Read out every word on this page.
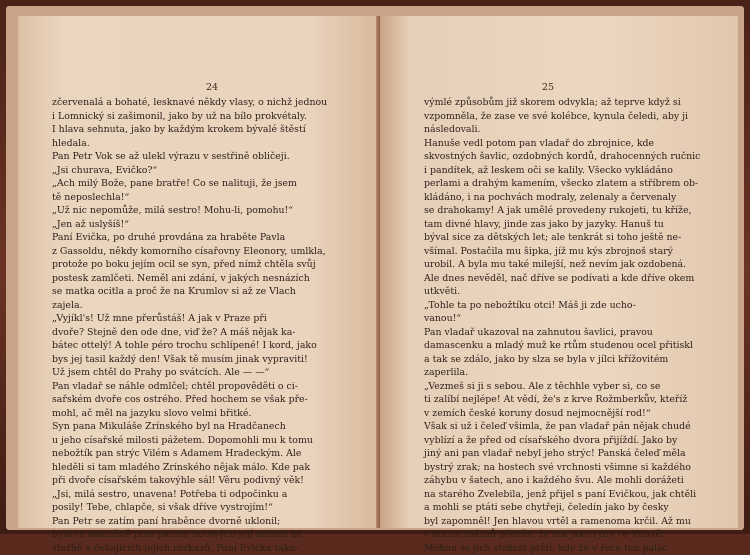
24
zčervenalá a bohaté, lesknavé někdy vlasy, o nichž jednou
i Lomnický si zašimonil, jako by už na bílo prokvétaly.
I hlava sehnuta, jako by každým krokem bývalé štěstí
hledala.
Pan Petr Vok se až ulekl výrazu v sestřině obličeji.
„Jsi churava, Evičko?“
„Ach milý Bože, pane bratře! Co se nalituji, že jsem
tě neposlechla!“
„Už nic nepomůže, milá sestro! Mohu-li, pomohu!“
„Jen až uslyšíš!“
Paní Evička, po druhé provdána za hraběte Pavla
z Gassoldu, někdy komorního císařovny Eleonory, umlkla,
protože po boku jejím ocil se syn, před nímž chtěla svůj
postesk zamlčeti. Neměl ani zdání, v jakých nesnázích
se matka ocitla a proč že na Krumlov si až ze Vlach
zajela.
„Vyjíkl's! Už mne přerůstáš! A jak v Praze při
dvoře? Stejně den ode dne, viď že? A máš nějak ka-
bátec ottelý! A tohle péro trochu schlípené! I kord, jako
bys jej tasil každý den! Však tě musím jinak vypraviti!
Už jsem chtěl do Prahy po svátcích. Ale — —“
Pan vladař se náhle odmlčel; chtěl propověděti o ci-
sařském dvoře cos ostrého. Před hochem se však pře-
mohl, ač měl na jazyku slovo velmi břitké.
Syn pana Mikuláše Zrínského byl na Hradčanech
u jeho císařské milosti pážetem. Dopomohli mu k tomu
nebožtík pan strýc Vilém s Adamem Hradeckým. Ale
hleděli si tam mladého Zrínského nějak málo. Kde pak
při dvoře císařském takovýhle sál! Věru podivný věk!
„Jsi, milá sestro, unavena! Potřeba ti odpočinku a
posily! Tebe, chlapče, si však dříve vystrojím!“
Pan Petr se zatím paní hraběnce dvorně uklonil;
bylo tu okamžitě plno panen, hotových její milosti ke
službě a čekajících jejích rozkazů. Paní Evička tako-
25
výmlé způsobům již skorem odvykla; až teprve když si
vzpomněla, že zase ve své kolébce, kynula čeledi, aby ji
následovali.
Hanuše vedl potom pan vladař do zbrojnice, kde
skvostných šavlic, ozdobných kordů, drahocenných ručnic
i pandítek, až leskem oči se kalily. Všecko vykládáno
perlami a drahým kamením, všecko zlatem a stříbrem ob-
kládáno, i na pochvách modraly, zelenaly a červenaly
se drahokamy! A jak umělé provedeny rukojeti, tu kříže,
tam divné hlavy, jinde zas jako by jazyky. Hanuš tu
býval sice za dětských let; ale tenkrát si toho ještě ne-
všímal. Postačila mu šipka, jíž mu kýs zbrojnoš starý
urobil. A byla mu také milejší, než nevím jak ozdobená.
Ale dnes nevěděl, nač dříve se podívati a kde dříve okem
utkvěti.
„Tohle ta po nebožtíku otci! Máš ji zde ucho-
vanou!“
Pan vladař ukazoval na zahnutou šavlici, pravou
damascenku a mladý muž ke rtům studenou ocel přitiskl
a tak se zdálo, jako by slza se byla v jílci křížovitém
zaperlila.
„Vezmeš si ji s sebou. Ale z těchhle vyber si, co se
ti zalíbí nejlépe! At vědí, že's z krve Rožmberkův, kteříž
v zemích české koruny dosud nejmocnější rod!“
Však si už i čeleď všimla, že pan vladař pán nějak chudé
vyblízí a že před od císařského dvora přijíždí. Jako by
jiný ani pan vladař nebyl jeho strýc! Panská čeleď měla
bystrý zrak; na hostech své vrchnosti všimne si každého
záhybu v šatech, ano i každého švu. Ale mohli dorážeti
na starého Zvelebila, jenž přijel s paní Evičkou, jak chtěli
a mohli se ptáti sebe chytřeji, čeledín jako by česky
byl zapomněl! Jen hlavou vrtěl a ramenoma krčil. Až mu
v duchu bláznů předěli, že tak jako ryby ve Vltavě!
Mohou se jich stokrát ptáti, kde že v řece ten palác
